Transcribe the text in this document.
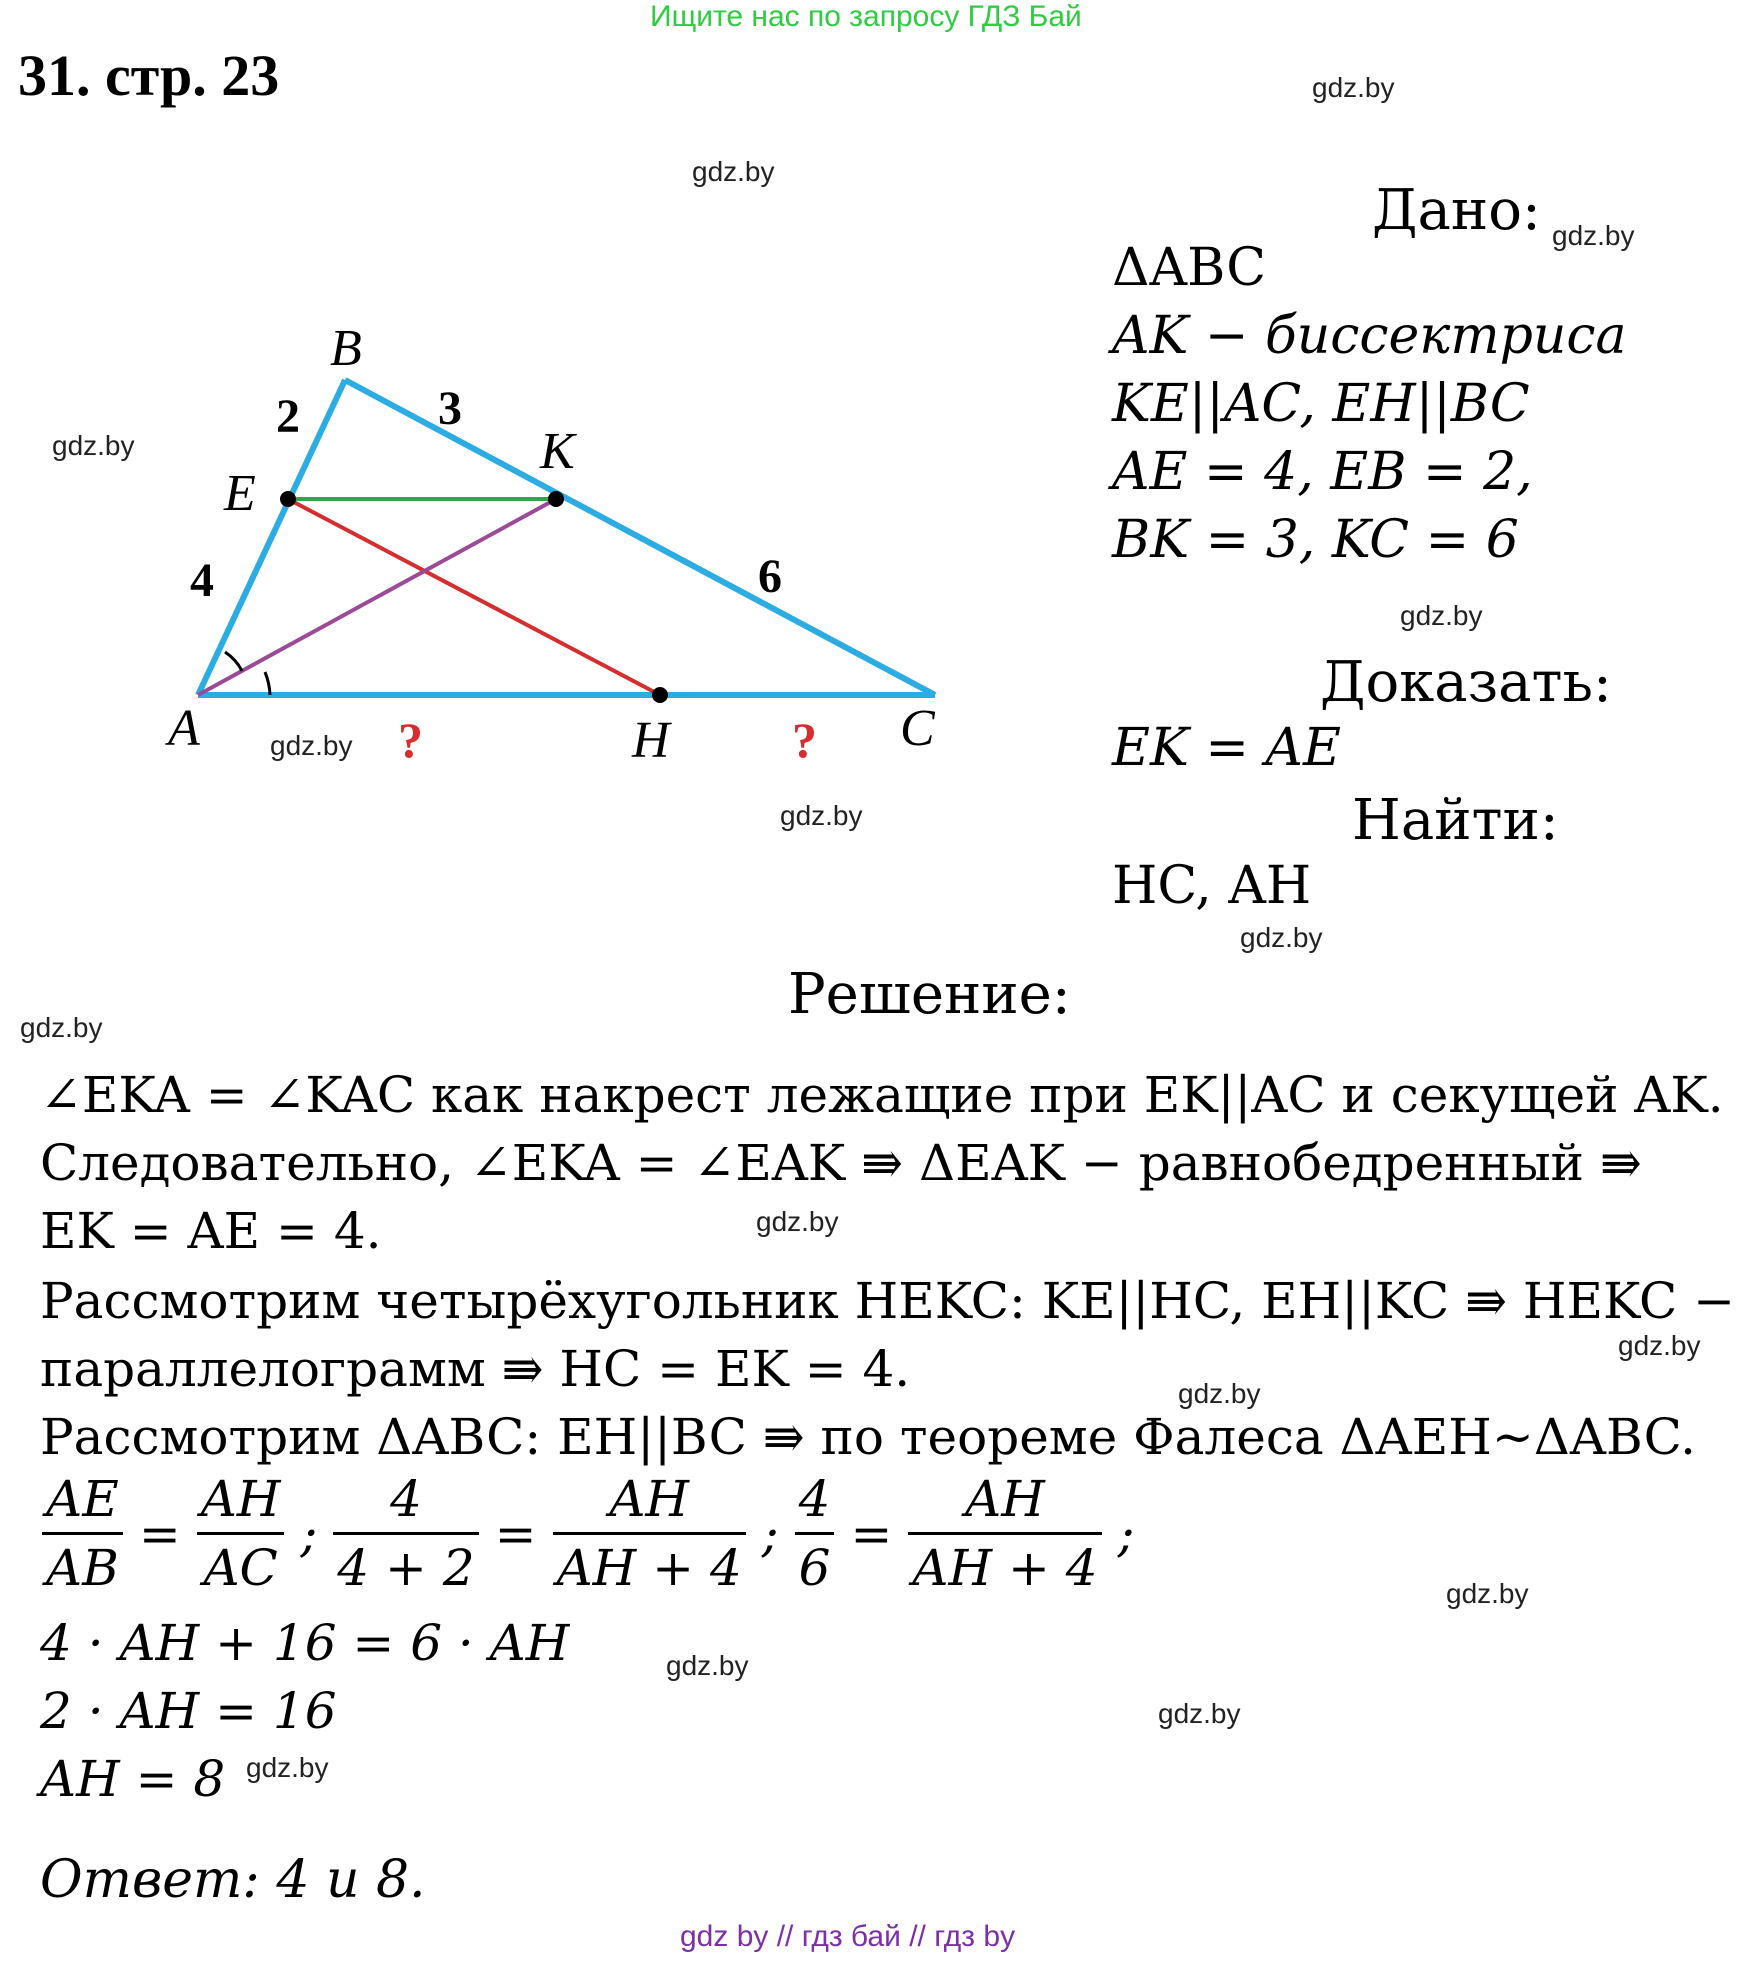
Ищите нас по запросу ГДЗ Бай
31. стр. 23	gdz.by
gdz.by
gdz.by
gdz.by
gdz.by
gdz.by
gdz.by
gdz.by
gdz.by
gdz.by
gdz.by
gdz.by
gdz.by
gdz.by
gdz.by
gdz.by
A
B
C
E
K
H
2	3
4	6
?	?
Дано:
ΔABC
AK − биссектриса
KE||AC, EH||BC
AE = 4, EB = 2,
BK = 3, KC = 6
Доказать:
EK = AE
Найти:
HC, AH
Решение:
∠EKA = ∠KAC как накрест лежащие при EK||AC и секущей AK.
Следовательно, ∠EKA = ∠EAK ⇛ ΔEAK − равнобедренный ⇛
EK = AE = 4.
Рассмотрим четырёхугольник HEKC: KE||HC, EH||KC ⇛ HEKC −
параллелограмм ⇛ HC = EK = 4.
Рассмотрим ΔABC: EH||BC ⇛ по теореме Фалеса ΔAEH~ΔABC.
$\frac{AE}{AB} = \frac{AH}{AC}$ ; $\frac{4}{4 + 2} = \frac{AH}{AH + 4}$ ; $\frac{4}{6} = \frac{AH}{AH + 4}$ ;
4 · AH + 16 = 6 · AH
2 · AH = 16
AH = 8
Ответ: 4 и 8.
gdz by // гдз бай // гдз by
